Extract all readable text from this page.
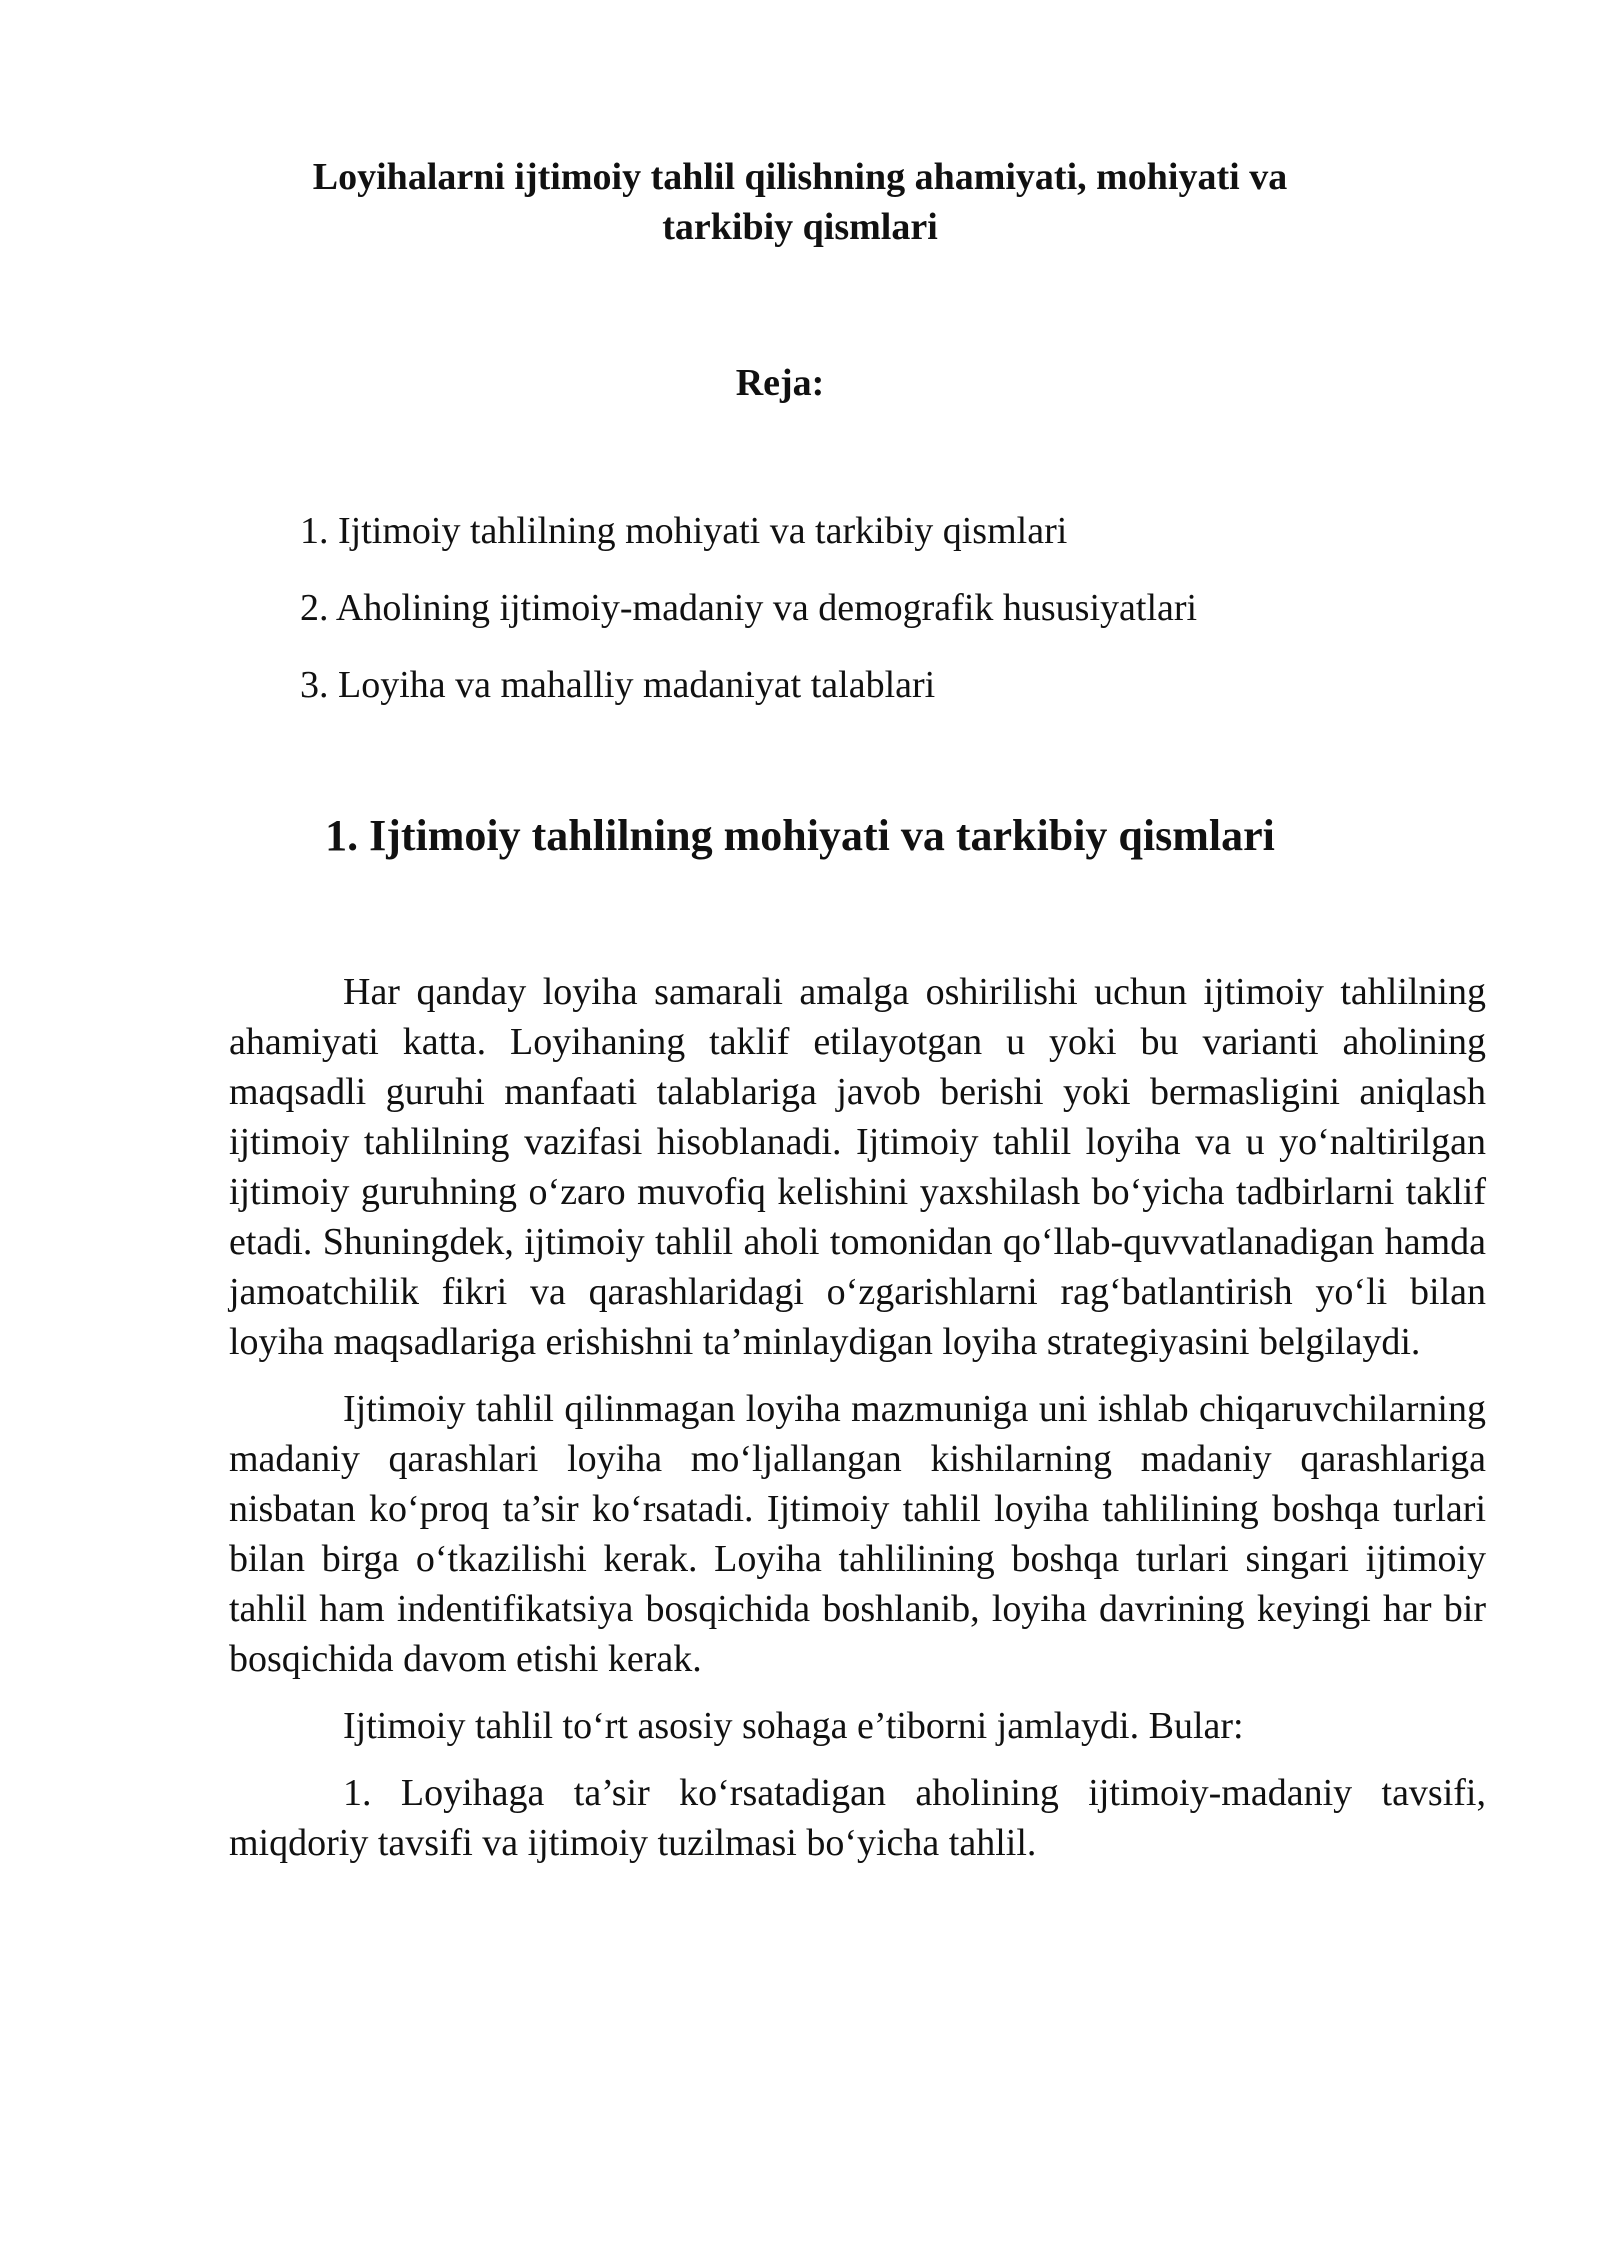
Loyihalarni ijtimoiy tahlil qilishning ahamiyati, mohiyati va
tarkibiy qismlari
Reja:
1. Ijtimoiy tahlilning mohiyati va tarkibiy qismlari
2. Aholining ijtimoiy-madaniy va demografik hususiyatlari
3. Loyiha va mahalliy madaniyat talablari
1. Ijtimoiy tahlilning mohiyati va tarkibiy qismlari

Har qanday loyiha samarali amalga oshirilishi uchun ijtimoiy tahlilning ahamiyati katta. Loyihaning taklif etilayotgan u yoki bu varianti aholining maqsadli guruhi manfaati talablariga javob berishi yoki bermasligini aniqlash ijtimoiy tahlilning vazifasi hisoblanadi. Ijtimoiy tahlil loyiha va u yo‘naltirilgan ijtimoiy guruhning o‘zaro muvofiq kelishini yaxshilash bo‘yicha tadbirlarni taklif etadi. Shuningdek, ijtimoiy tahlil aholi tomonidan qo‘llab-quvvatlanadigan hamda jamoatchilik fikri va qarashlaridagi o‘zgarishlarni rag‘batlantirish yo‘li bilan loyiha maqsadlariga erishishni ta’minlaydigan loyiha strategiyasini belgilaydi.

Ijtimoiy tahlil qilinmagan loyiha mazmuniga uni ishlab chiqaruvchilarning madaniy qarashlari loyiha mo‘ljallangan kishilarning madaniy qarashlariga nisbatan ko‘proq ta’sir ko‘rsatadi. Ijtimoiy tahlil loyiha tahlilining boshqa turlari bilan birga o‘tkazilishi kerak. Loyiha tahlilining boshqa turlari singari ijtimoiy tahlil ham indentifikatsiya bosqichida boshlanib, loyiha davrining keyingi har bir bosqichida davom etishi kerak.

Ijtimoiy tahlil to‘rt asosiy sohaga e’tiborni jamlaydi. Bular:

1. Loyihaga ta’sir ko‘rsatadigan aholining ijtimoiy-madaniy tavsifi, miqdoriy tavsifi va ijtimoiy tuzilmasi bo‘yicha tahlil.
